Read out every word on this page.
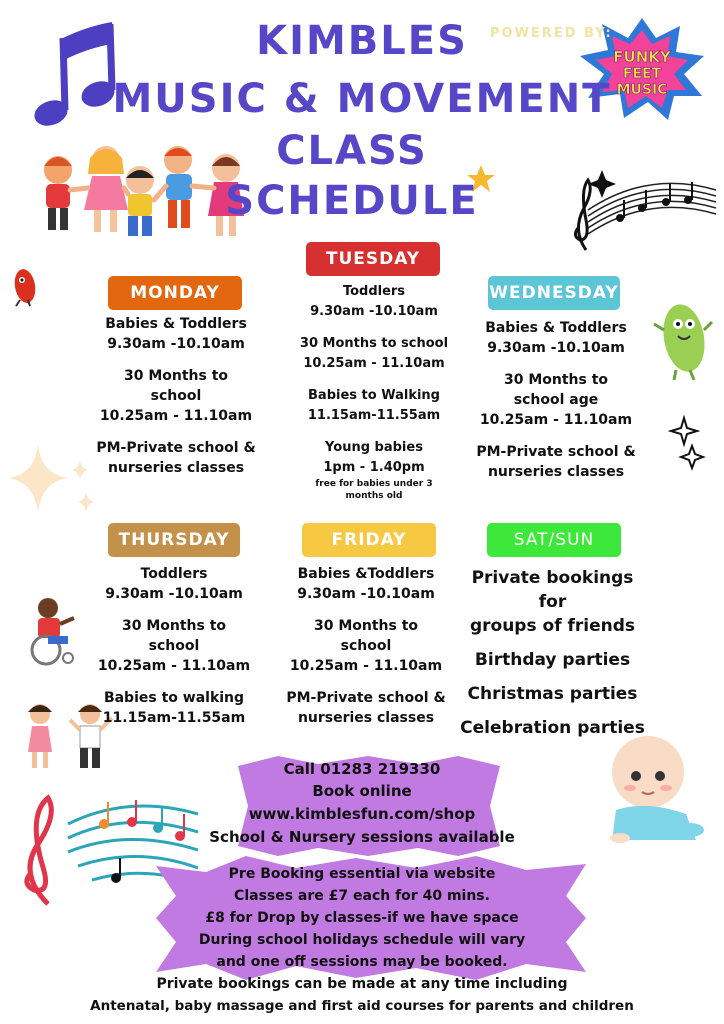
FUNKY
FEET
MUSIC
KIMBLES
MUSIC & MOVEMENT
CLASS
SCHEDULE
POWERED BY:
MONDAY
TUESDAY
WEDNESDAY
THURSDAY	FRIDAY	SAT/SUN

Babies & Toddlers
9.30am -10.10am

30 Months to
school
10.25am - 11.10am

PM-Private school &
nurseries classes

Toddlers
9.30am -10.10am

30 Months to school
10.25am - 11.10am

Babies to Walking
11.15am-11.55am

Young babies
1pm - 1.40pm

free for babies under 3
months old

Babies & Toddlers
9.30am -10.10am

30 Months to
school age
10.25am - 11.10am

PM-Private school &
nurseries classes

Toddlers
9.30am -10.10am

30 Months to
school
10.25am - 11.10am

Babies to walking
11.15am-11.55am

Babies &Toddlers
9.30am -10.10am

30 Months to
school
10.25am - 11.10am

PM-Private school &
nurseries classes

Private bookings for
groups of friends

Birthday parties

Christmas parties

Celebration parties

Call 01283 219330
Book online
www.kimblesfun.com/shop
School & Nursery sessions available
Pre Booking essential via website
Classes are £7 each for 40 mins.
£8 for Drop by classes-if we have space
During school holidays schedule will vary
and one off sessions may be booked.
Private bookings can be made at any time including
Antenatal, baby massage and first aid courses for parents and children
